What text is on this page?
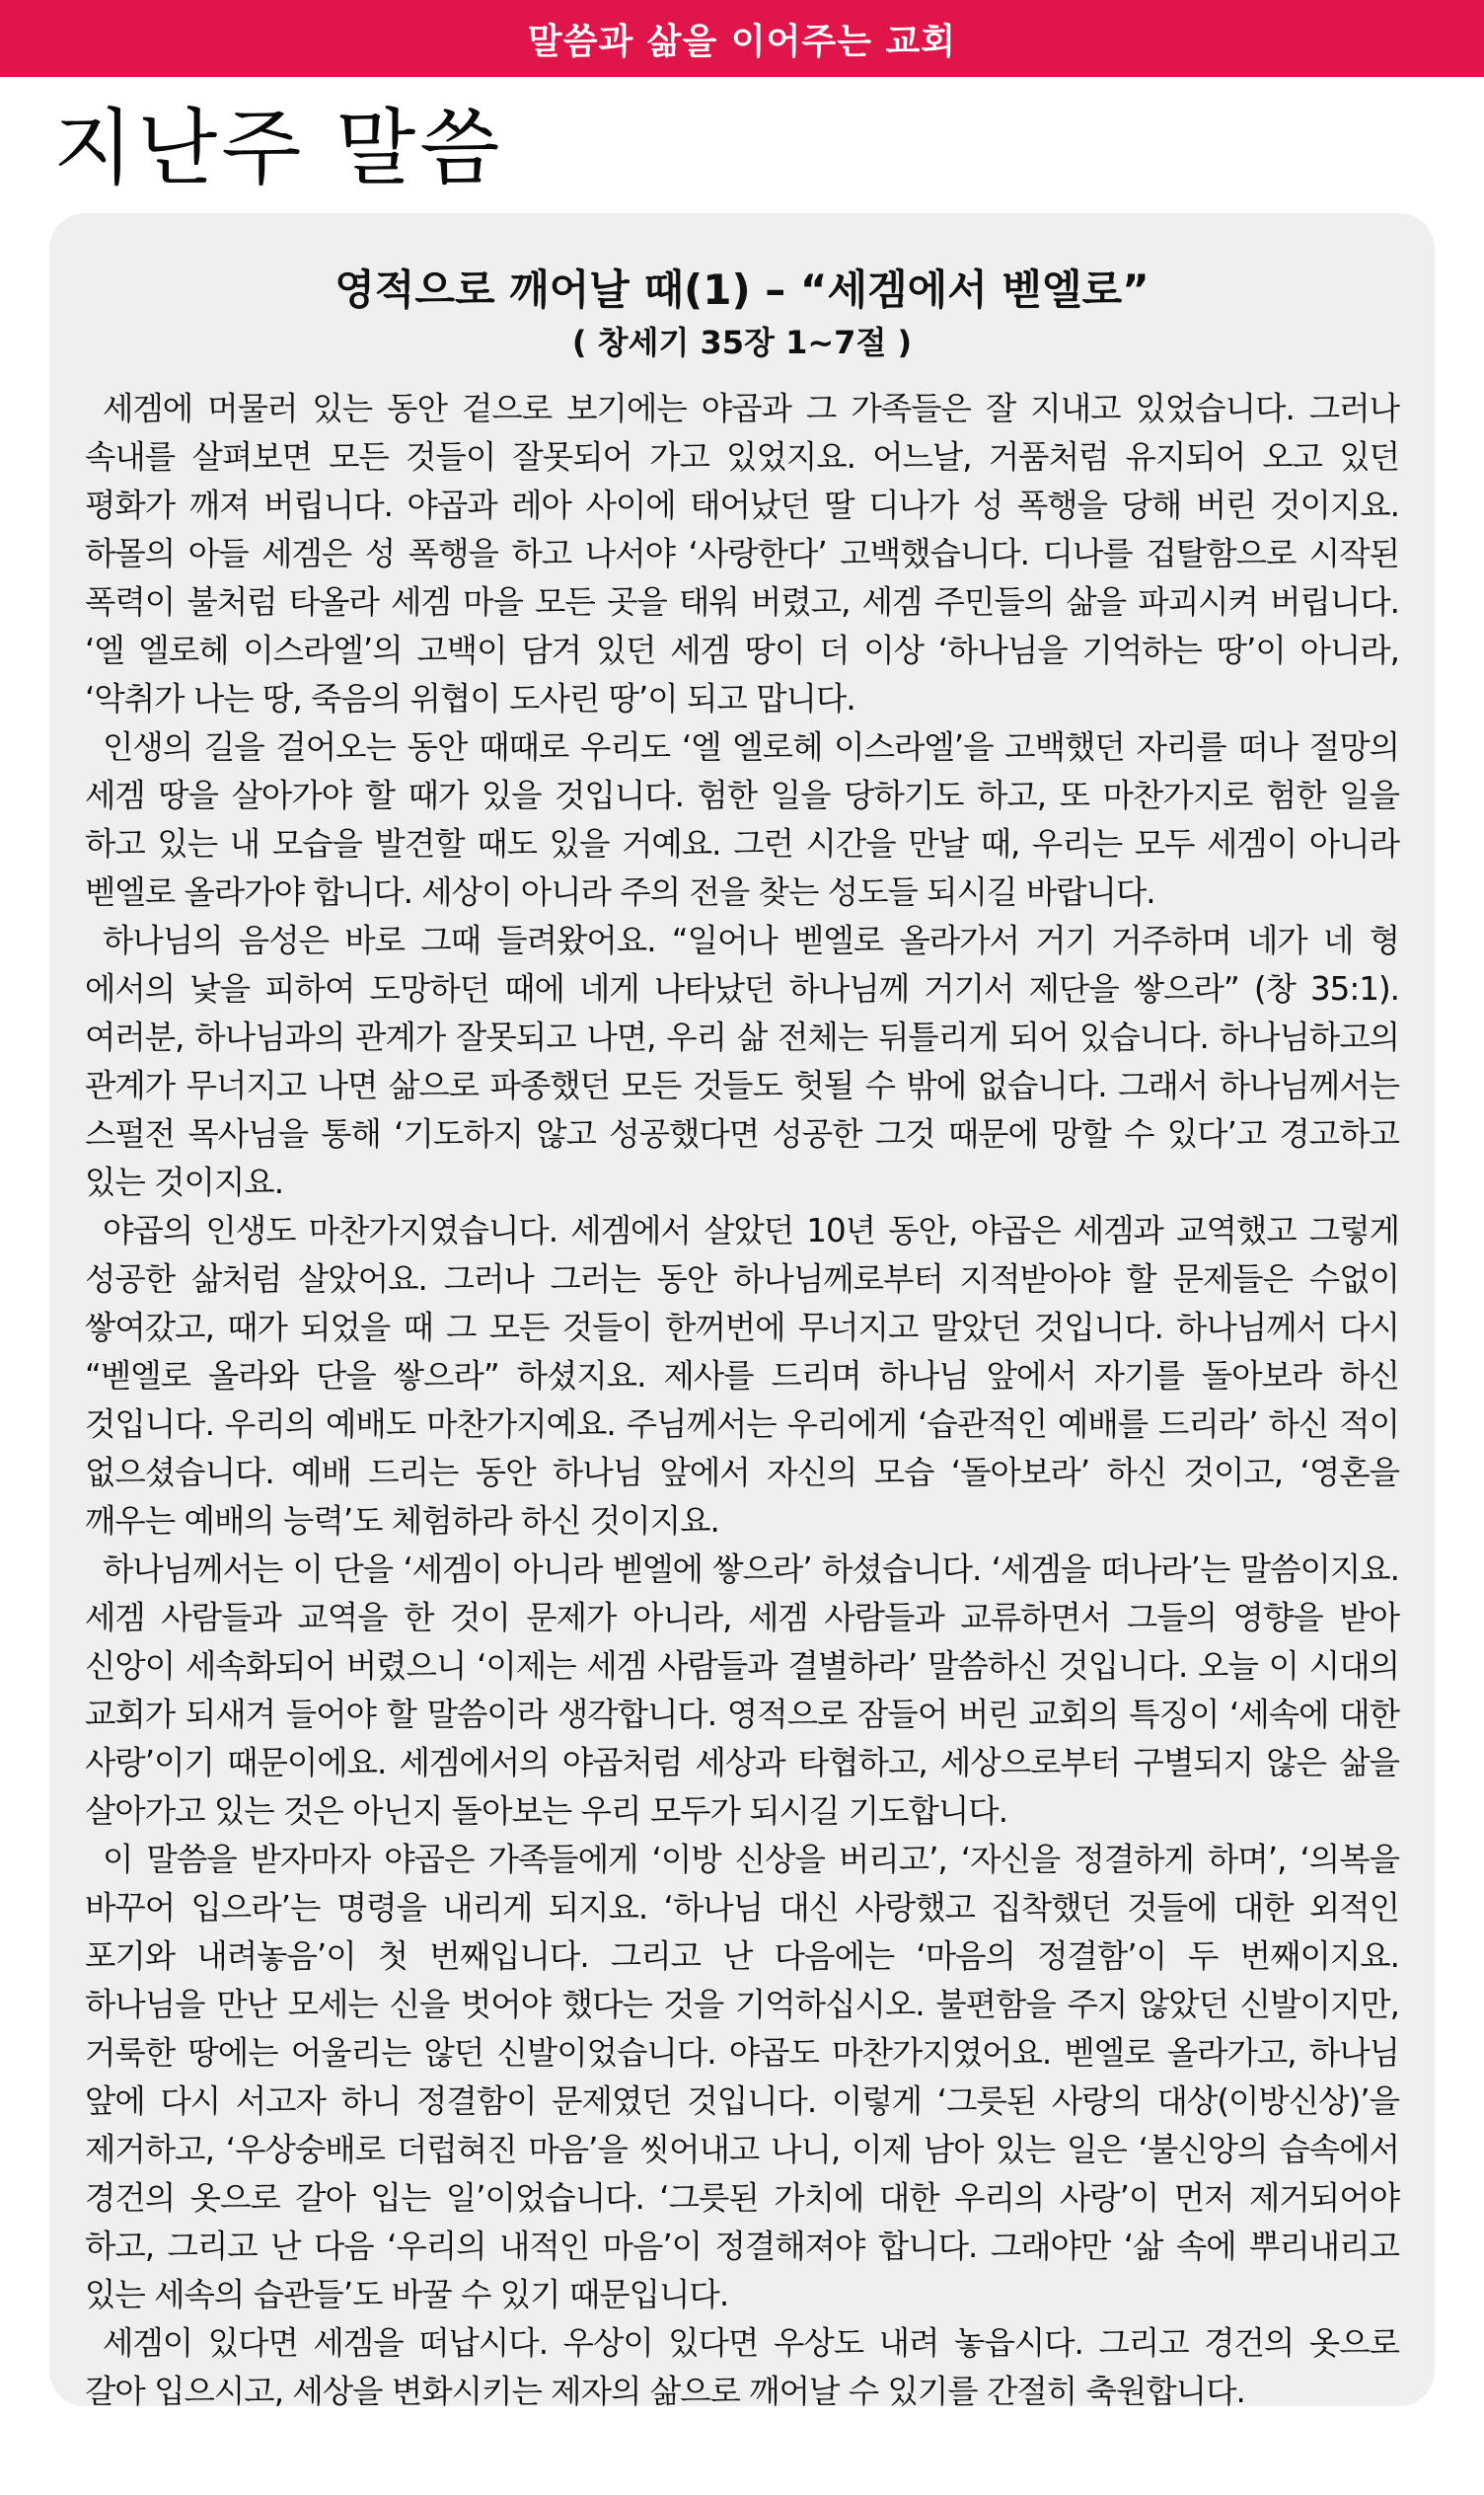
말씀과 삶을 이어주는 교회
지난주 말씀
영적으로 깨어날 때(1) – “세겜에서 벧엘로”
( 창세기 35장 1~7절 )

세겜에 머물러 있는 동안 겉으로 보기에는 야곱과 그 가족들은 잘 지내고 있었습니다. 그러나 속내를 살펴보면 모든 것들이 잘못되어 가고 있었지요. 어느날, 거품처럼 유지되어 오고 있던 평화가 깨져 버립니다. 야곱과 레아 사이에 태어났던 딸 디나가 성 폭행을 당해 버린 것이지요. 하몰의 아들 세겜은 성 폭행을 하고 나서야 ‘사랑한다’ 고백했습니다. 디나를 겁탈함으로 시작된 폭력이 불처럼 타올라 세겜 마을 모든 곳을 태워 버렸고, 세겜 주민들의 삶을 파괴시켜 버립니다. ‘엘 엘로헤 이스라엘’의 고백이 담겨 있던 세겜 땅이 더 이상 ‘하나님을 기억하는 땅’이 아니라, ‘악취가 나는 땅, 죽음의 위협이 도사린 땅’이 되고 맙니다.

인생의 길을 걸어오는 동안 때때로 우리도 ‘엘 엘로헤 이스라엘’을 고백했던 자리를 떠나 절망의 세겜 땅을 살아가야 할 때가 있을 것입니다. 험한 일을 당하기도 하고, 또 마찬가지로 험한 일을 하고 있는 내 모습을 발견할 때도 있을 거예요. 그런 시간을 만날 때, 우리는 모두 세겜이 아니라 벧엘로 올라가야 합니다. 세상이 아니라 주의 전을 찾는 성도들 되시길 바랍니다.

하나님의 음성은 바로 그때 들려왔어요. “일어나 벧엘로 올라가서 거기 거주하며 네가 네 형 에서의 낯을 피하여 도망하던 때에 네게 나타났던 하나님께 거기서 제단을 쌓으라” (창 35:1). 여러분, 하나님과의 관계가 잘못되고 나면, 우리 삶 전체는 뒤틀리게 되어 있습니다. 하나님하고의 관계가 무너지고 나면 삶으로 파종했던 모든 것들도 헛될 수 밖에 없습니다. 그래서 하나님께서는 스펄전 목사님을 통해 ‘기도하지 않고 성공했다면 성공한 그것 때문에 망할 수 있다’고 경고하고 있는 것이지요.

야곱의 인생도 마찬가지였습니다. 세겜에서 살았던 10년 동안, 야곱은 세겜과 교역했고 그렇게 성공한 삶처럼 살았어요. 그러나 그러는 동안 하나님께로부터 지적받아야 할 문제들은 수없이 쌓여갔고, 때가 되었을 때 그 모든 것들이 한꺼번에 무너지고 말았던 것입니다. 하나님께서 다시 “벧엘로 올라와 단을 쌓으라” 하셨지요. 제사를 드리며 하나님 앞에서 자기를 돌아보라 하신 것입니다. 우리의 예배도 마찬가지예요. 주님께서는 우리에게 ‘습관적인 예배를 드리라’ 하신 적이 없으셨습니다. 예배 드리는 동안 하나님 앞에서 자신의 모습 ‘돌아보라’ 하신 것이고, ‘영혼을 깨우는 예배의 능력’도 체험하라 하신 것이지요.

하나님께서는 이 단을 ‘세겜이 아니라 벧엘에 쌓으라’ 하셨습니다. ‘세겜을 떠나라’는 말씀이지요. 세겜 사람들과 교역을 한 것이 문제가 아니라, 세겜 사람들과 교류하면서 그들의 영향을 받아 신앙이 세속화되어 버렸으니 ‘이제는 세겜 사람들과 결별하라’ 말씀하신 것입니다. 오늘 이 시대의 교회가 되새겨 들어야 할 말씀이라 생각합니다. 영적으로 잠들어 버린 교회의 특징이 ‘세속에 대한 사랑’이기 때문이에요. 세겜에서의 야곱처럼 세상과 타협하고, 세상으로부터 구별되지 않은 삶을 살아가고 있는 것은 아닌지 돌아보는 우리 모두가 되시길 기도합니다.

이 말씀을 받자마자 야곱은 가족들에게 ‘이방 신상을 버리고’, ‘자신을 정결하게 하며’, ‘의복을 바꾸어 입으라’는 명령을 내리게 되지요. ‘하나님 대신 사랑했고 집착했던 것들에 대한 외적인 포기와 내려놓음’이 첫 번째입니다. 그리고 난 다음에는 ‘마음의 정결함’이 두 번째이지요. 하나님을 만난 모세는 신을 벗어야 했다는 것을 기억하십시오. 불편함을 주지 않았던 신발이지만, 거룩한 땅에는 어울리는 않던 신발이었습니다. 야곱도 마찬가지였어요. 벧엘로 올라가고, 하나님 앞에 다시 서고자 하니 정결함이 문제였던 것입니다. 이렇게 ‘그릇된 사랑의 대상(이방신상)’을 제거하고, ‘우상숭배로 더럽혀진 마음’을 씻어내고 나니, 이제 남아 있는 일은 ‘불신앙의 습속에서 경건의 옷으로 갈아 입는 일’이었습니다. ‘그릇된 가치에 대한 우리의 사랑’이 먼저 제거되어야 하고, 그리고 난 다음 ‘우리의 내적인 마음’이 정결해져야 합니다. 그래야만 ‘삶 속에 뿌리내리고 있는 세속의 습관들’도 바꿀 수 있기 때문입니다.

세겜이 있다면 세겜을 떠납시다. 우상이 있다면 우상도 내려 놓읍시다. 그리고 경건의 옷으로 갈아 입으시고, 세상을 변화시키는 제자의 삶으로 깨어날 수 있기를 간절히 축원합니다.
